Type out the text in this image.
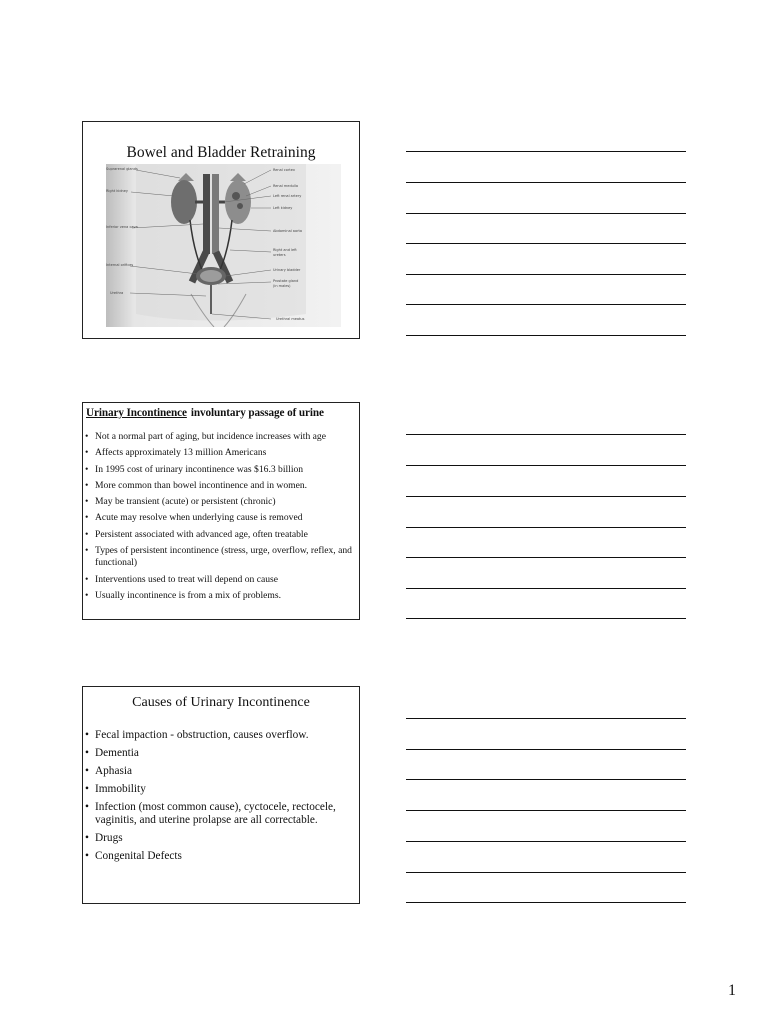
Bowel and Bladder Retraining
Suprarenal glands
Right kidney
Inferior vena cava
Internal orifices
Urethra
Renal cortex
Renal medulla
Left renal artery
Left kidney
Abdominal aorta
Right and left
ureters
Urinary bladder
Prostate gland
(in males)
Urethral meatus
Urinary Incontinence involuntary passage of urine
• Not a normal part of aging, but incidence increases with age
• Affects approximately 13 million Americans
• In 1995 cost of urinary incontinence was $16.3 billion
• More common than bowel incontinence and in women.
• May be transient (acute) or persistent (chronic)
• Acute may resolve when underlying cause is removed
• Persistent associated with advanced age, often treatable
• Types of persistent incontinence (stress, urge, overflow, reflex, and functional)
• Interventions used to treat will depend on cause
• Usually incontinence is from a mix of problems.
Causes of Urinary Incontinence
• Fecal impaction - obstruction, causes overflow.
• Dementia
• Aphasia
• Immobility
• Infection (most common cause), cyctocele, rectocele, vaginitis, and uterine prolapse are all correctable.
• Drugs
• Congenital Defects
1
